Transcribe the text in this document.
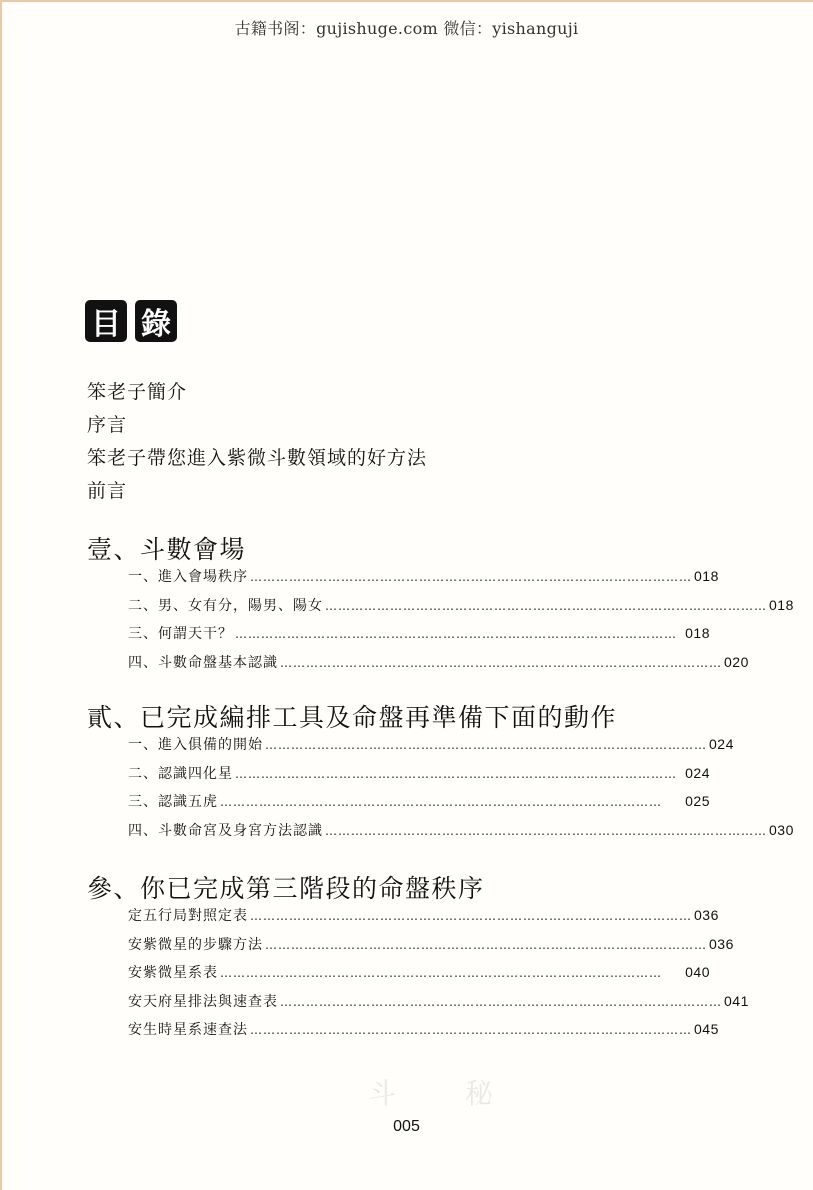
古籍书阁：gujishuge.com 微信：yishanguji
目 錄
笨老子簡介
序言
笨老子帶您進入紫微斗數領域的好方法
前言
壹、斗數會場
一、進入會場秩序 ………………………………………………………………………………………… 018
二、男、女有分，陽男、陽女 ………………………………………………………………………………………… 018
三、何謂天干？ ………………………………………………………………………………………… 018
四、斗數命盤基本認識 ………………………………………………………………………………………… 020
貳、已完成編排工具及命盤再準備下面的動作
一、進入俱備的開始 ………………………………………………………………………………………… 024
二、認識四化星 ………………………………………………………………………………………… 024
三、認識五虎 …………………………………………………………………………………………	025
四、斗數命宮及身宮方法認識 ………………………………………………………………………………………… 030
參、你已完成第三階段的命盤秩序
定五行局對照定表 ………………………………………………………………………………………… 036
安紫微星的步驟方法 ………………………………………………………………………………………… 036
安紫微星系表 …………………………………………………………………………………………	040
安天府星排法與速查表 ………………………………………………………………………………………… 041
安生時星系速查法 ………………………………………………………………………………………… 045
斗 秘
005
